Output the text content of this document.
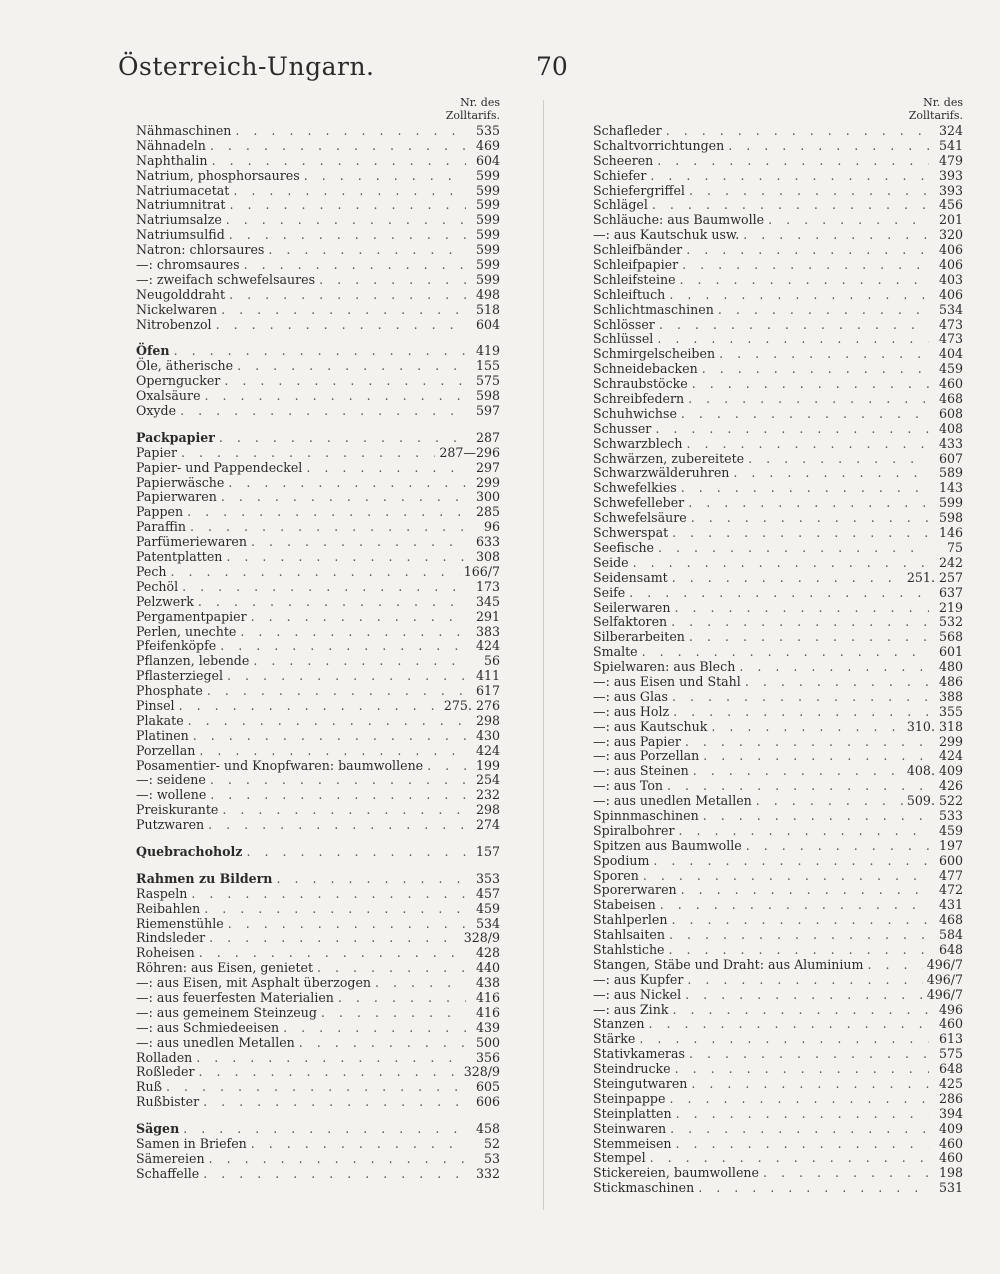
Österreich-Ungarn.	70
Nr. des
Zolltarifs.
Nähmaschinen . . .	535
Nähnadeln . . .	469
Naphthalin . . .	604
Natrium, phosphorsaures . . .	599
Natriumacetat . . .	599
Natriumnitrat . . .	599
Natriumsalze . . .	599
Natriumsulfid . . .	599
Natron: chlorsaures . . .	599
—: chromsaures . . .	599
—: zweifach schwefelsaures . . .	599
Neugolddraht . . .	498
Nickelwaren . . .	518
Nitrobenzol . . .	604
Öfen . . .	419
Öle, ätherische . . .	155
Operngucker . . .	575
Oxalsäure . . .	598
Oxyde . . .	597
Packpapier . . .	287
Papier . . .	287—296
Papier- und Pappendeckel . . .	297
Papierwäsche . . .	299
Papierwaren . . .	300
Pappen . . .	285
Paraffin . . .	96
Parfümeriewaren . . .	633
Patentplatten . . .	308
Pech . . .	166/7
Pechöl . . .	173
Pelzwerk . . .	345
Pergamentpapier . . .	291
Perlen, unechte . . .	383
Pfeifenköpfe . . .	424
Pflanzen, lebende . . .	56
Pflasterziegel . . .	411
Phosphate . . .	617
Pinsel . . .	275. 276
Plakate . . .	298
Platinen . . .	430
Porzellan . . .	424
Posamentier- und Knopfwaren: baumwollene . . .	199
—: seidene . . .	254
—: wollene . . .	232
Preiskurante . . .	298
Putzwaren . . .	274
Quebrachoholz . . .	157
Rahmen zu Bildern . . .	353
Raspeln . . .	457
Reibahlen . . .	459
Riemenstühle . . .	534
Rindsleder . . .	328/9
Roheisen . . .	428
Röhren: aus Eisen, genietet . . .	440
—: aus Eisen, mit Asphalt überzogen . . .	438
—: aus feuerfesten Materialien . . .	416
—: aus gemeinem Steinzeug . . .	416
—: aus Schmiedeeisen . . .	439
—: aus unedlen Metallen . . .	500
Rolladen . . .	356
Roßleder . . .	328/9
Ruß . . .	605
Rußbister . . .	606
Sägen . . .	458
Samen in Briefen . . .	52
Sämereien . . .	53
Schaffelle . . .	332
Nr. des
Zolltarifs.
Schafleder . . .	324
Schaltvorrichtungen . . .	541
Scheeren . . .	479
Schiefer . . .	393
Schiefergriffel . . .	393
Schlägel . . .	456
Schläuche: aus Baumwolle . . .	201
—: aus Kautschuk usw. . . .	320
Schleifbänder . . .	406
Schleifpapier . . .	406
Schleifsteine . . .	403
Schleiftuch . . .	406
Schlichtmaschinen . . .	534
Schlösser . . .	473
Schlüssel . . .	473
Schmirgelscheiben . . .	404
Schneidebacken . . .	459
Schraubstöcke . . .	460
Schreibfedern . . .	468
Schuhwichse . . .	608
Schusser . . .	408
Schwarzblech . . .	433
Schwärzen, zubereitete . . .	607
Schwarzwälderuhren . . .	589
Schwefelkies . . .	143
Schwefelleber . . .	599
Schwefelsäure . . .	598
Schwerspat . . .	146
Seefische . . .	75
Seide . . .	242
Seidensamt . . .	251. 257
Seife . . .	637
Seilerwaren . . .	219
Selfaktoren . . .	532
Silberarbeiten . . .	568
Smalte . . .	601
Spielwaren: aus Blech . . .	480
—: aus Eisen und Stahl . . .	486
—: aus Glas . . .	388
—: aus Holz . . .	355
—: aus Kautschuk . . .	310. 318
—: aus Papier . . .	299
—: aus Porzellan . . .	424
—: aus Steinen . . .	408. 409
—: aus Ton . . .	426
—: aus unedlen Metallen . . .	509. 522
Spinnmaschinen . . .	533
Spiralbohrer . . .	459
Spitzen aus Baumwolle . . .	197
Spodium . . .	600
Sporen . . .	477
Sporerwaren . . .	472
Stabeisen . . .	431
Stahlperlen . . .	468
Stahlsaiten . . .	584
Stahlstiche . . .	648
Stangen, Stäbe und Draht: aus Aluminium . . .	496/7
—: aus Kupfer . . .	496/7
—: aus Nickel . . .	496/7
—: aus Zink . . .	496
Stanzen . . .	460
Stärke . . .	613
Stativkameras . . .	575
Steindrucke . . .	648
Steingutwaren . . .	425
Steinpappe . . .	286
Steinplatten . . .	394
Steinwaren . . .	409
Stemmeisen . . .	460
Stempel . . .	460
Stickereien, baumwollene . . .	198
Stickmaschinen . . .	531
